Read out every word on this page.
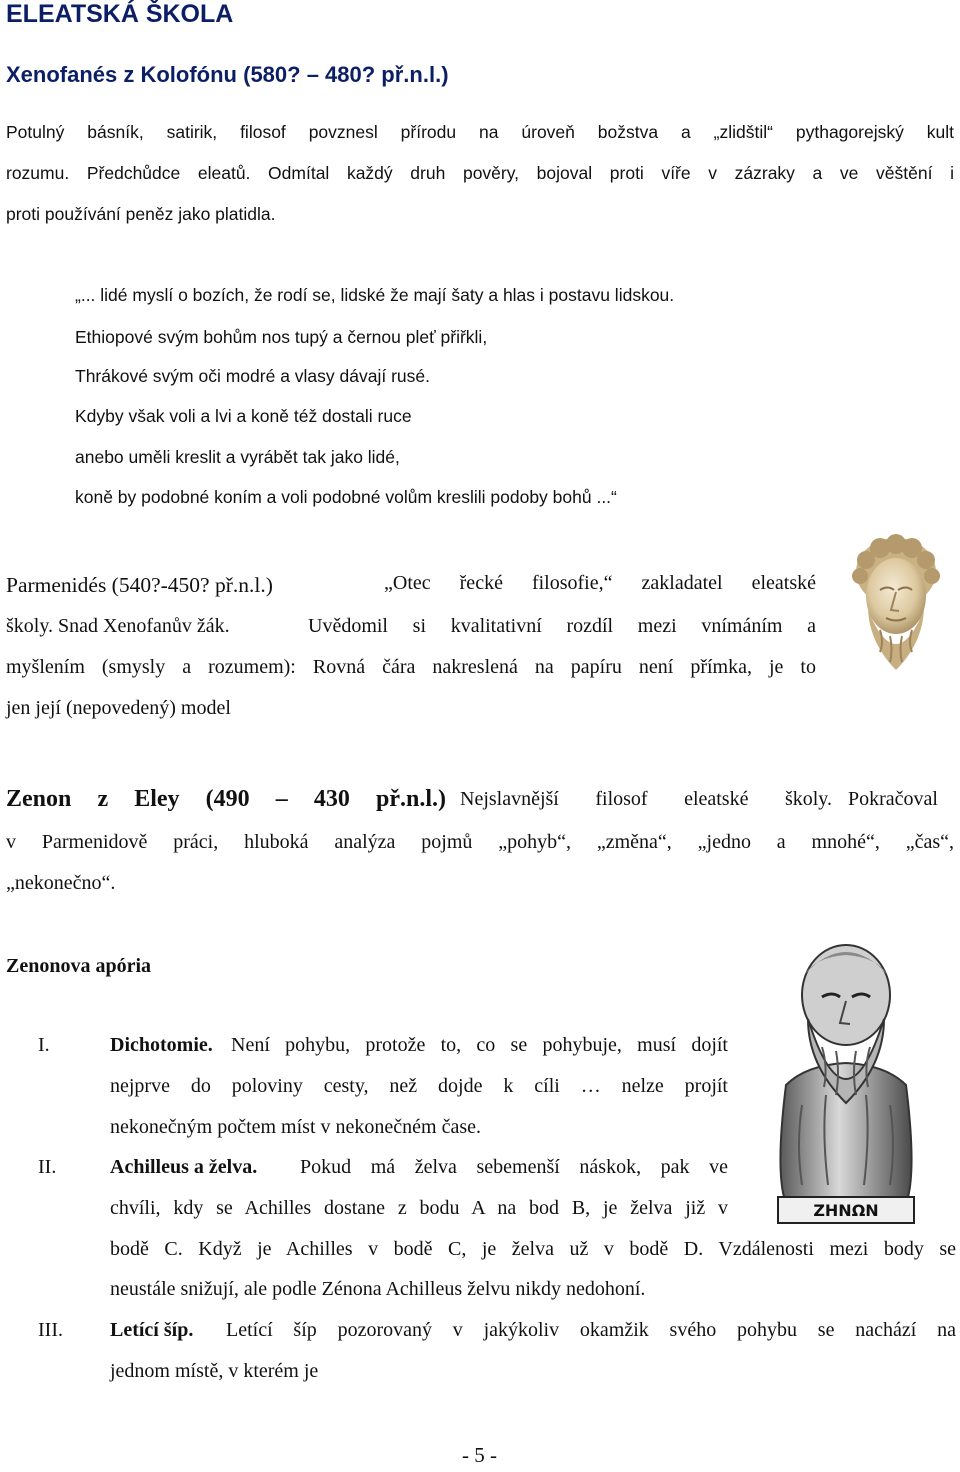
ELEATSKÁ ŠKOLA
Xenofanés z Kolofónu (580? – 480? př.n.l.)
Potulný básník, satirik, filosof povznesl přírodu na úroveň božstva a „zlidštil“ pythagorejský kult
rozumu. Předchůdce eleatů. Odmítal každý druh pověry, bojoval proti víře v zázraky a ve věštění i
proti používání peněz jako platidla.
„... lidé myslí o bozích, že rodí se, lidské že mají šaty a hlas i postavu lidskou.
Ethiopové svým bohům nos tupý a černou pleť přiřkli,
Thrákové svým oči modré a vlasy dávají rusé.
Kdyby však voli a lvi a koně též dostali ruce
anebo uměli kreslit a vyrábět tak jako lidé,
koně by podobné koním a voli podobné volům kreslili podoby bohů ...“
Parmenidés (540?-450? př.n.l.)	„Otec řecké filosofie,“ zakladatel eleatské
školy. Snad Xenofanův žák.	Uvědomil si kvalitativní rozdíl mezi vnímáním a
myšlením (smysly a rozumem): Rovná čára nakreslená na papíru není přímka, je to
jen její (nepovedený) model
Zenon z Eley (490 – 430 př.n.l.) Nejslavnější filosof eleatské školy. Pokračoval
v Parmenidově práci, hluboká analýza pojmů „pohyb“, „změna“, „jedno a mnohé“, „čas“,
„nekonečno“.
Zenonova apória
ΖΗΝΩΝ
I.	Dichotomie. Není pohybu, protože to, co se pohybuje, musí dojít
nejprve do poloviny cesty, než dojde k cíli … nelze projít
nekonečným počtem míst v nekonečném čase.
II.	Achilleus a želva. Pokud má želva sebemenší náskok, pak ve
chvíli, kdy se Achilles dostane z bodu A na bod B, je želva již v
bodě C. Když je Achilles v bodě C, je želva už v bodě D. Vzdálenosti mezi body se
neustále snižují, ale podle Zénona Achilleus želvu nikdy nedohoní.
III. Letící šíp. Letící šíp pozorovaný v jakýkoliv okamžik svého pohybu se nachází na
jednom místě, v kterém je
- 5 -
